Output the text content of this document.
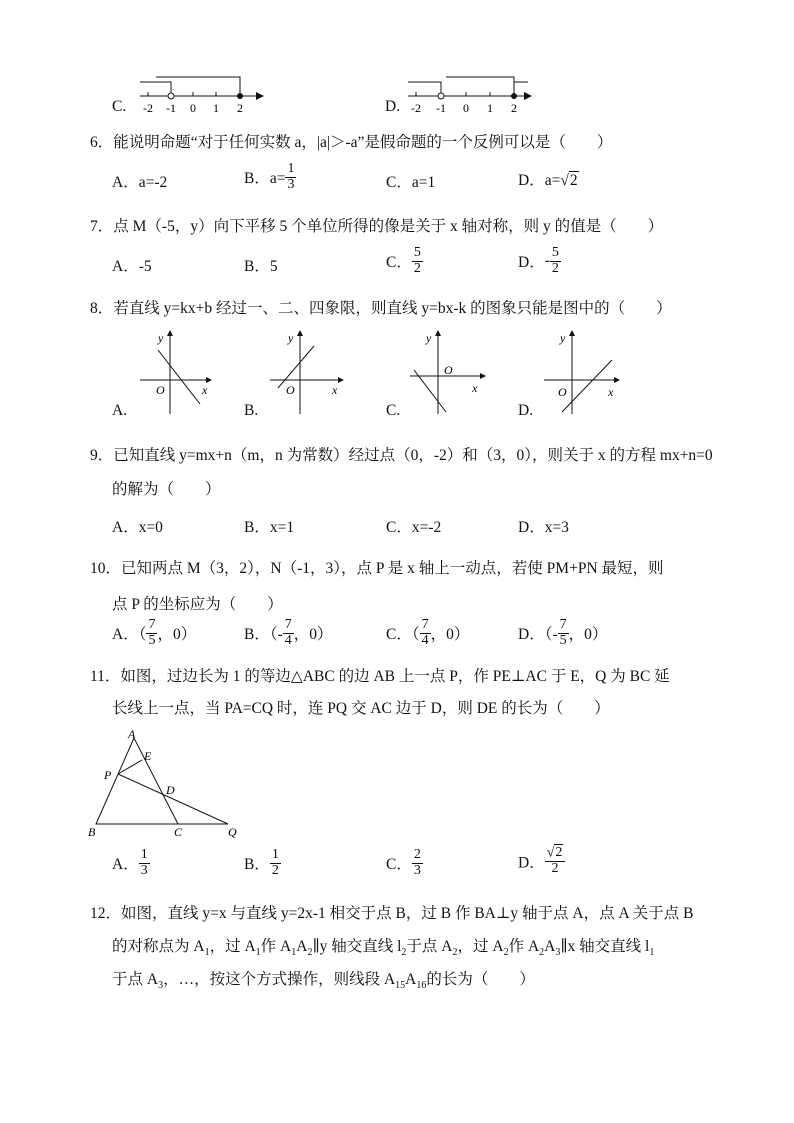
C. -2 -1 0 1 2	D. -2 -1 0 1 2
6．能说明命题“对于任何实数 a，|a|＞-a”是假命题的一个反例可以是（　　）
A．a=-2	B．$a= \frac{1}{3}$	C．a=1	D．a=√2
7．点 M（-5，y）向下平移 5 个单位所得的像是关于 x 轴对称，则 y 的值是（　　）
A．-5	B．5	C． $\frac{5}{2}$	D．- $\frac{5}{2}$
8．若直线 y=kx+b 经过一、二、四象限，则直线 y=bx-k 的图象只能是图中的（　　）
A.
y
x
O
B.
y
x
O
C.
y
x
O
D.
y
x
O
9．已知直线 y=mx+n（m，n 为常数）经过点（0，-2）和（3，0），则关于 x 的方程 mx+n=0
的解为（　　）
A．x=0	B．x=1	C．x=-2	D．x=3
10．已知两点 M（3，2），N（-1，3），点 P 是 x 轴上一动点，若使 PM+PN 最短，则
点 P 的坐标应为（　　）
A．（ $\frac{7}{5}$ ，0）	B．（- $\frac{7}{4}$ ，0）	C．（ $\frac{7}{4}$ ，0）	D．（- $\frac{7}{5}$ ，0）
11．如图，过边长为 1 的等边△ABC 的边 AB 上一点 P，作 PE⊥AC 于 E，Q 为 BC 延
长线上一点，当 PA=CQ 时，连 PQ 交 AC 边于 D，则 DE 的长为（　　）
A
E
P
D
B	C	Q
A． $\frac{1}{3}$	B． $\frac{1}{2}$	C． $\frac{2}{3}$	D． $\frac{√2}{2}$
12．如图，直线 y=x 与直线 y=2x-1 相交于点 B，过 B 作 BA⊥y 轴于点 A，点 A 关于点 B
的对称点为 $A_1$，过 $A_1$作 $A_1A_2\parallel y$ 轴交直线 $l_2$于点 $A_2$，过 $A_2$作 $A_2A_3\parallel x$ 轴交直线 $l_1$
于点 $A_3$，…，按这个方式操作，则线段 $A_{15}A_{16}$的长为（　　）
